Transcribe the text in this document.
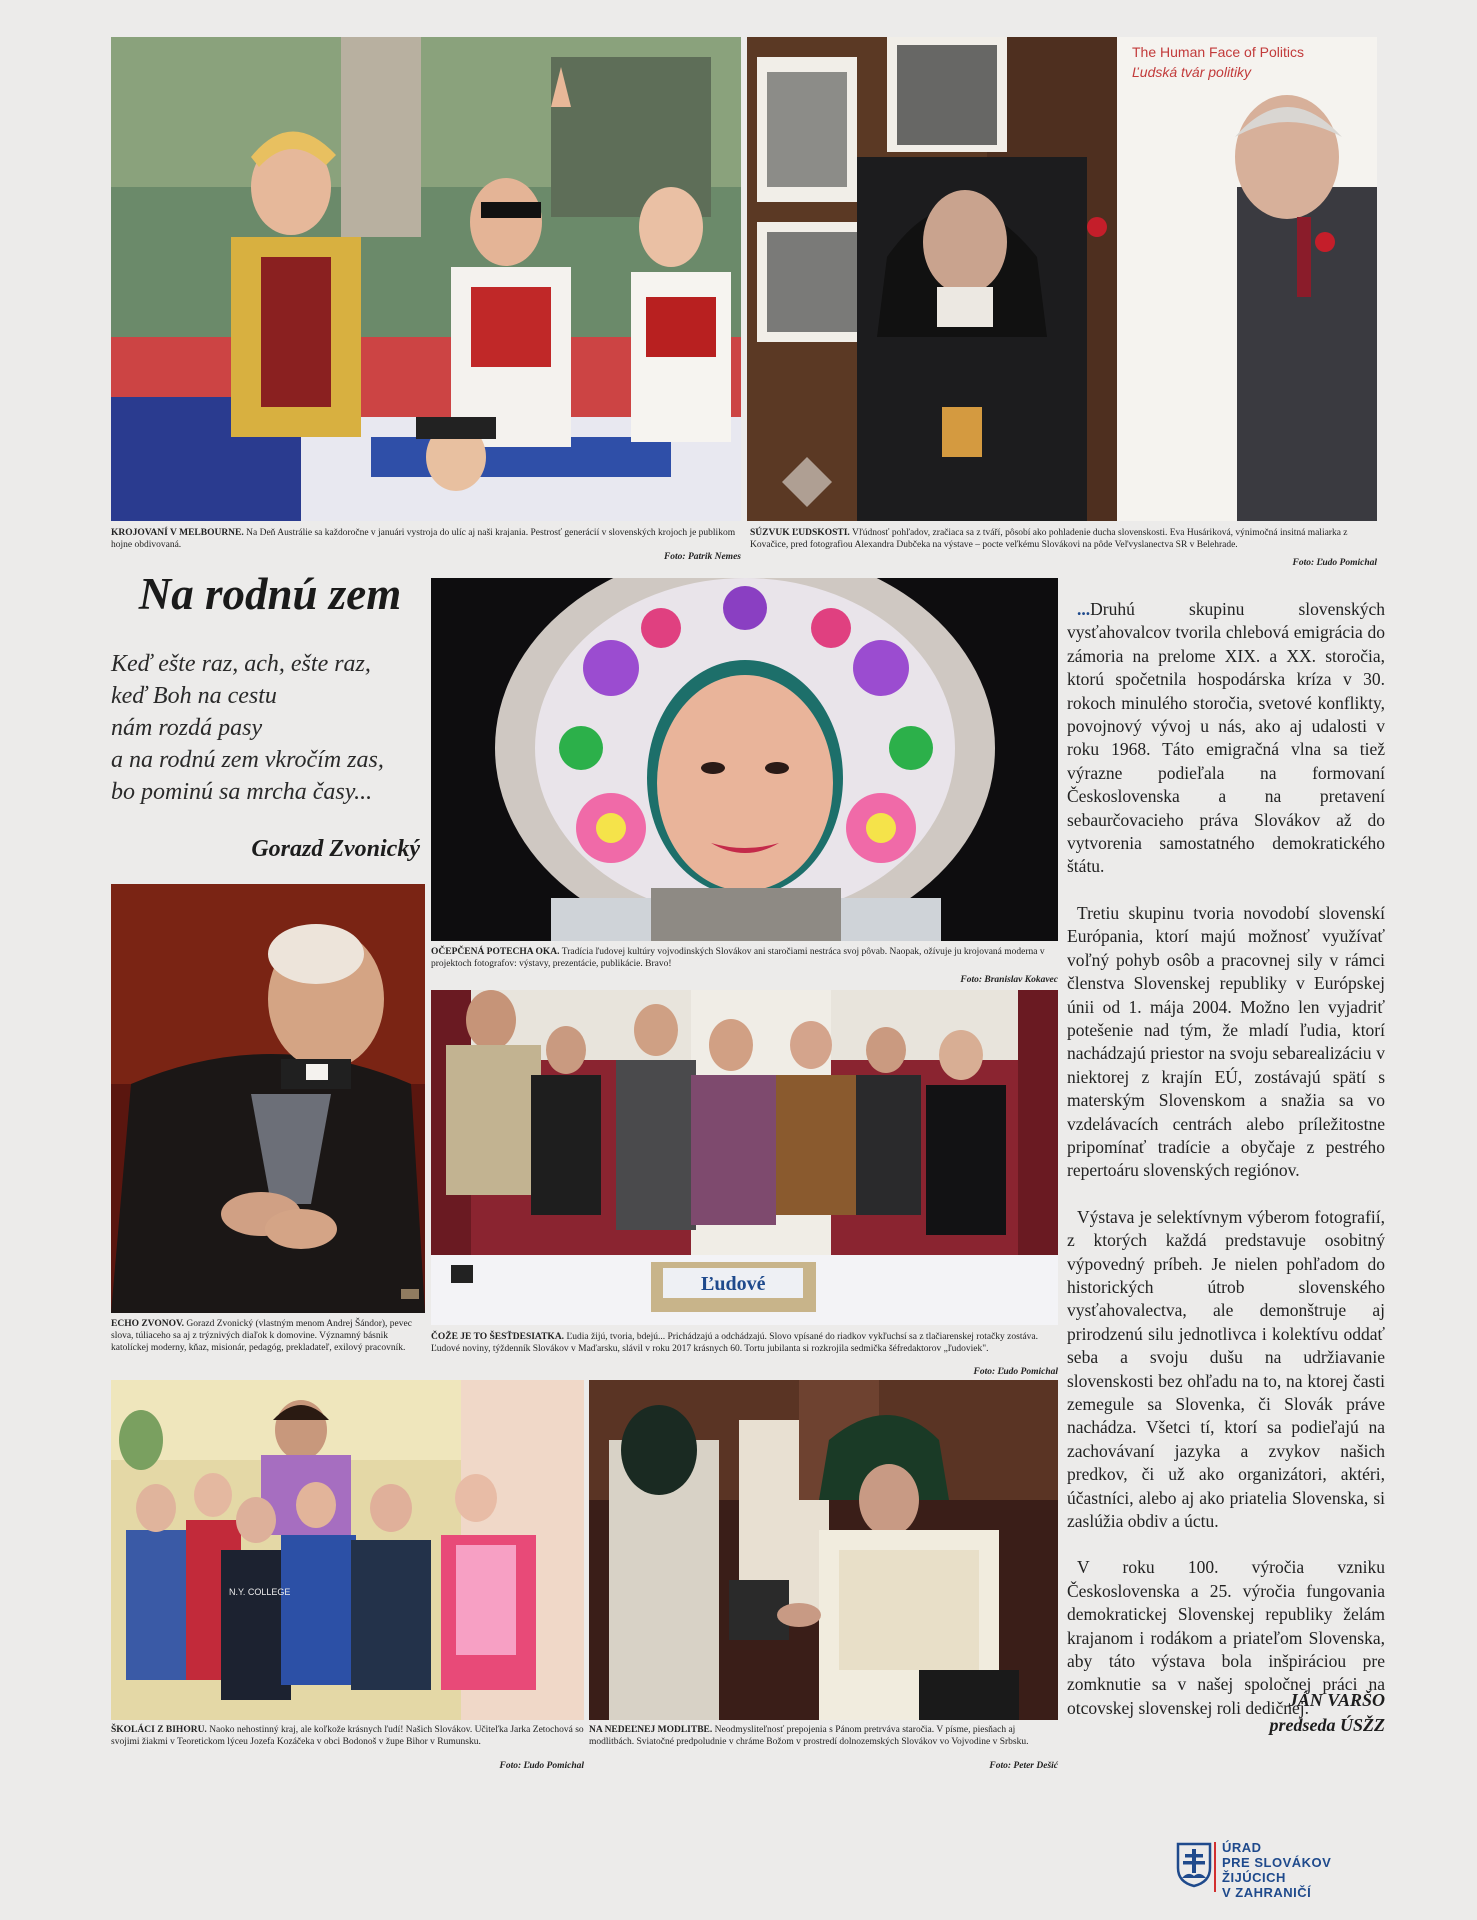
KROJOVANÍ V MELBOURNE. Na Deň Austrálie sa každoročne v januári vystroja do ulíc aj naši krajania. Pestrosť generácií v slovenských krojoch je publikom hojne obdivovaná.
Foto: Patrik Nemes
The Human Face of Politics
Ľudská tvár politiky
SÚZVUK ĽUDSKOSTI. Vľúdnosť pohľadov, zračiaca sa z tváří, pôsobí ako pohladenie ducha slovenskosti. Eva Husáriková, výnimočná insitná maliarka z Kovačice, pred fotografiou Alexandra Dubčeka na výstave – pocte veľkému Slovákovi na pôde Veľvyslanectva SR v Belehrade.
Foto: Ľudo Pomichal
Na rodnú zem
Keď ešte raz, ach, ešte raz,
keď Boh na cestu
nám rozdá pasy
a na rodnú zem vkročím zas,
bo pominú sa mrcha časy...
Gorazd Zvonický
OČEPČENÁ POTECHA OKA. Tradícia ľudovej kultúry vojvodinských Slovákov ani staročiami nestráca svoj pôvab. Naopak, ožívuje ju krojovaná moderna v projektoch fotografov: výstavy, prezentácie, publikácie. Bravo!
Foto: Branislav Kokavec
ECHO ZVONOV. Gorazd Zvonický (vlastným menom Andrej Šándor), pevec slova, túliaceho sa aj z trýznivých diaľok k domovine. Významný básnik katolíckej moderny, kňaz, misionár, pedagóg, prekladateľ, exilový pracovník.
Ľudové
ČOŽE JE TO ŠESŤDESIATKA. Ľudia žijú, tvoria, bdejú... Prichádzajú a odchádzajú. Slovo vpísané do riadkov vykľuchsí sa z tlačiarenskej rotačky zostáva. Ľudové noviny, týždenník Slovákov v Maďarsku, slávil v roku 2017 krásnych 60. Tortu jubilanta si rozkrojila sedmička šéfredaktorov „ľudoviek".
Foto: Ľudo Pomichal
N.Y. COLLEGE
ŠKOLÁCI Z BIHORU. Naoko nehostinný kraj, ale koľkože krásnych ľudí! Našich Slovákov. Učiteľka Jarka Zetochová so svojimi žiakmi v Teoretickom lýceu Jozefa Kozáčeka v obci Bodonoš v župe Bihor v Rumunsku.
Foto: Ľudo Pomichal
NA NEDEĽNEJ MODLITBE. Neodmysliteľnosť prepojenia s Pánom pretrváva staročia. V písme, piesňach aj modlitbách. Sviatočné predpoludnie v chráme Božom v prostredí dolnozemských Slovákov vo Vojvodine v Srbsku.
Foto: Peter Dešić

...Druhú skupinu slovenských vysťahovalcov tvorila chlebová emigrácia do zámoria na prelome XIX. a XX. storočia, ktorú spočetnila hospodárska kríza v 30. rokoch minulého storočia, svetové konflikty, povojnový vývoj u nás, ako aj udalosti v roku 1968. Táto emigračná vlna sa tiež výrazne podieľala na formovaní Československa a na pretavení sebaurčovacieho práva Slovákov až do vytvorenia samostatného demokratického štátu.

Tretiu skupinu tvoria novodobí slovenskí Európania, ktorí majú možnosť využívať voľný pohyb osôb a pracovnej sily v rámci členstva Slovenskej republiky v Európskej únii od 1. mája 2004. Možno len vyjadriť potešenie nad tým, že mladí ľudia, ktorí nachádzajú priestor na svoju sebarealizáciu v niektorej z krajín EÚ, zostávajú spätí s materským Slovenskom a snažia sa vo vzdelávacích centrách alebo príležitostne pripomínať tradície a obyčaje z pestrého repertoáru slovenských regiónov.

Výstava je selektívnym výberom fotografií, z ktorých každá predstavuje osobitný výpovedný príbeh. Je nielen pohľadom do historických útrob slovenského vysťahovalectva, ale demonštruje aj prirodzenú silu jednotlivca i kolektívu oddať seba a svoju dušu na udržiavanie slovenskosti bez ohľadu na to, na ktorej časti zemegule sa Slovenka, či Slovák práve nachádza. Všetci tí, ktorí sa podieľajú na zachovávaní jazyka a zvykov našich predkov, či už ako organizátori, aktéri, účastníci, alebo aj ako priatelia Slovenska, si zaslúžia obdiv a úctu.

V roku 100. výročia vzniku Československa a 25. výročia fungovania demokratickej Slovenskej republiky želám krajanom i rodákom a priateľom Slovenska, aby táto výstava bola inšpiráciou pre zomknutie sa v našej spoločnej práci na otcovskej slovenskej roli dedičnej.

JÁN VARŠO
predseda ÚSŽZ
ÚRAD
PRE SLOVÁKOV
ŽIJÚCICH
V ZAHRANIČÍ
